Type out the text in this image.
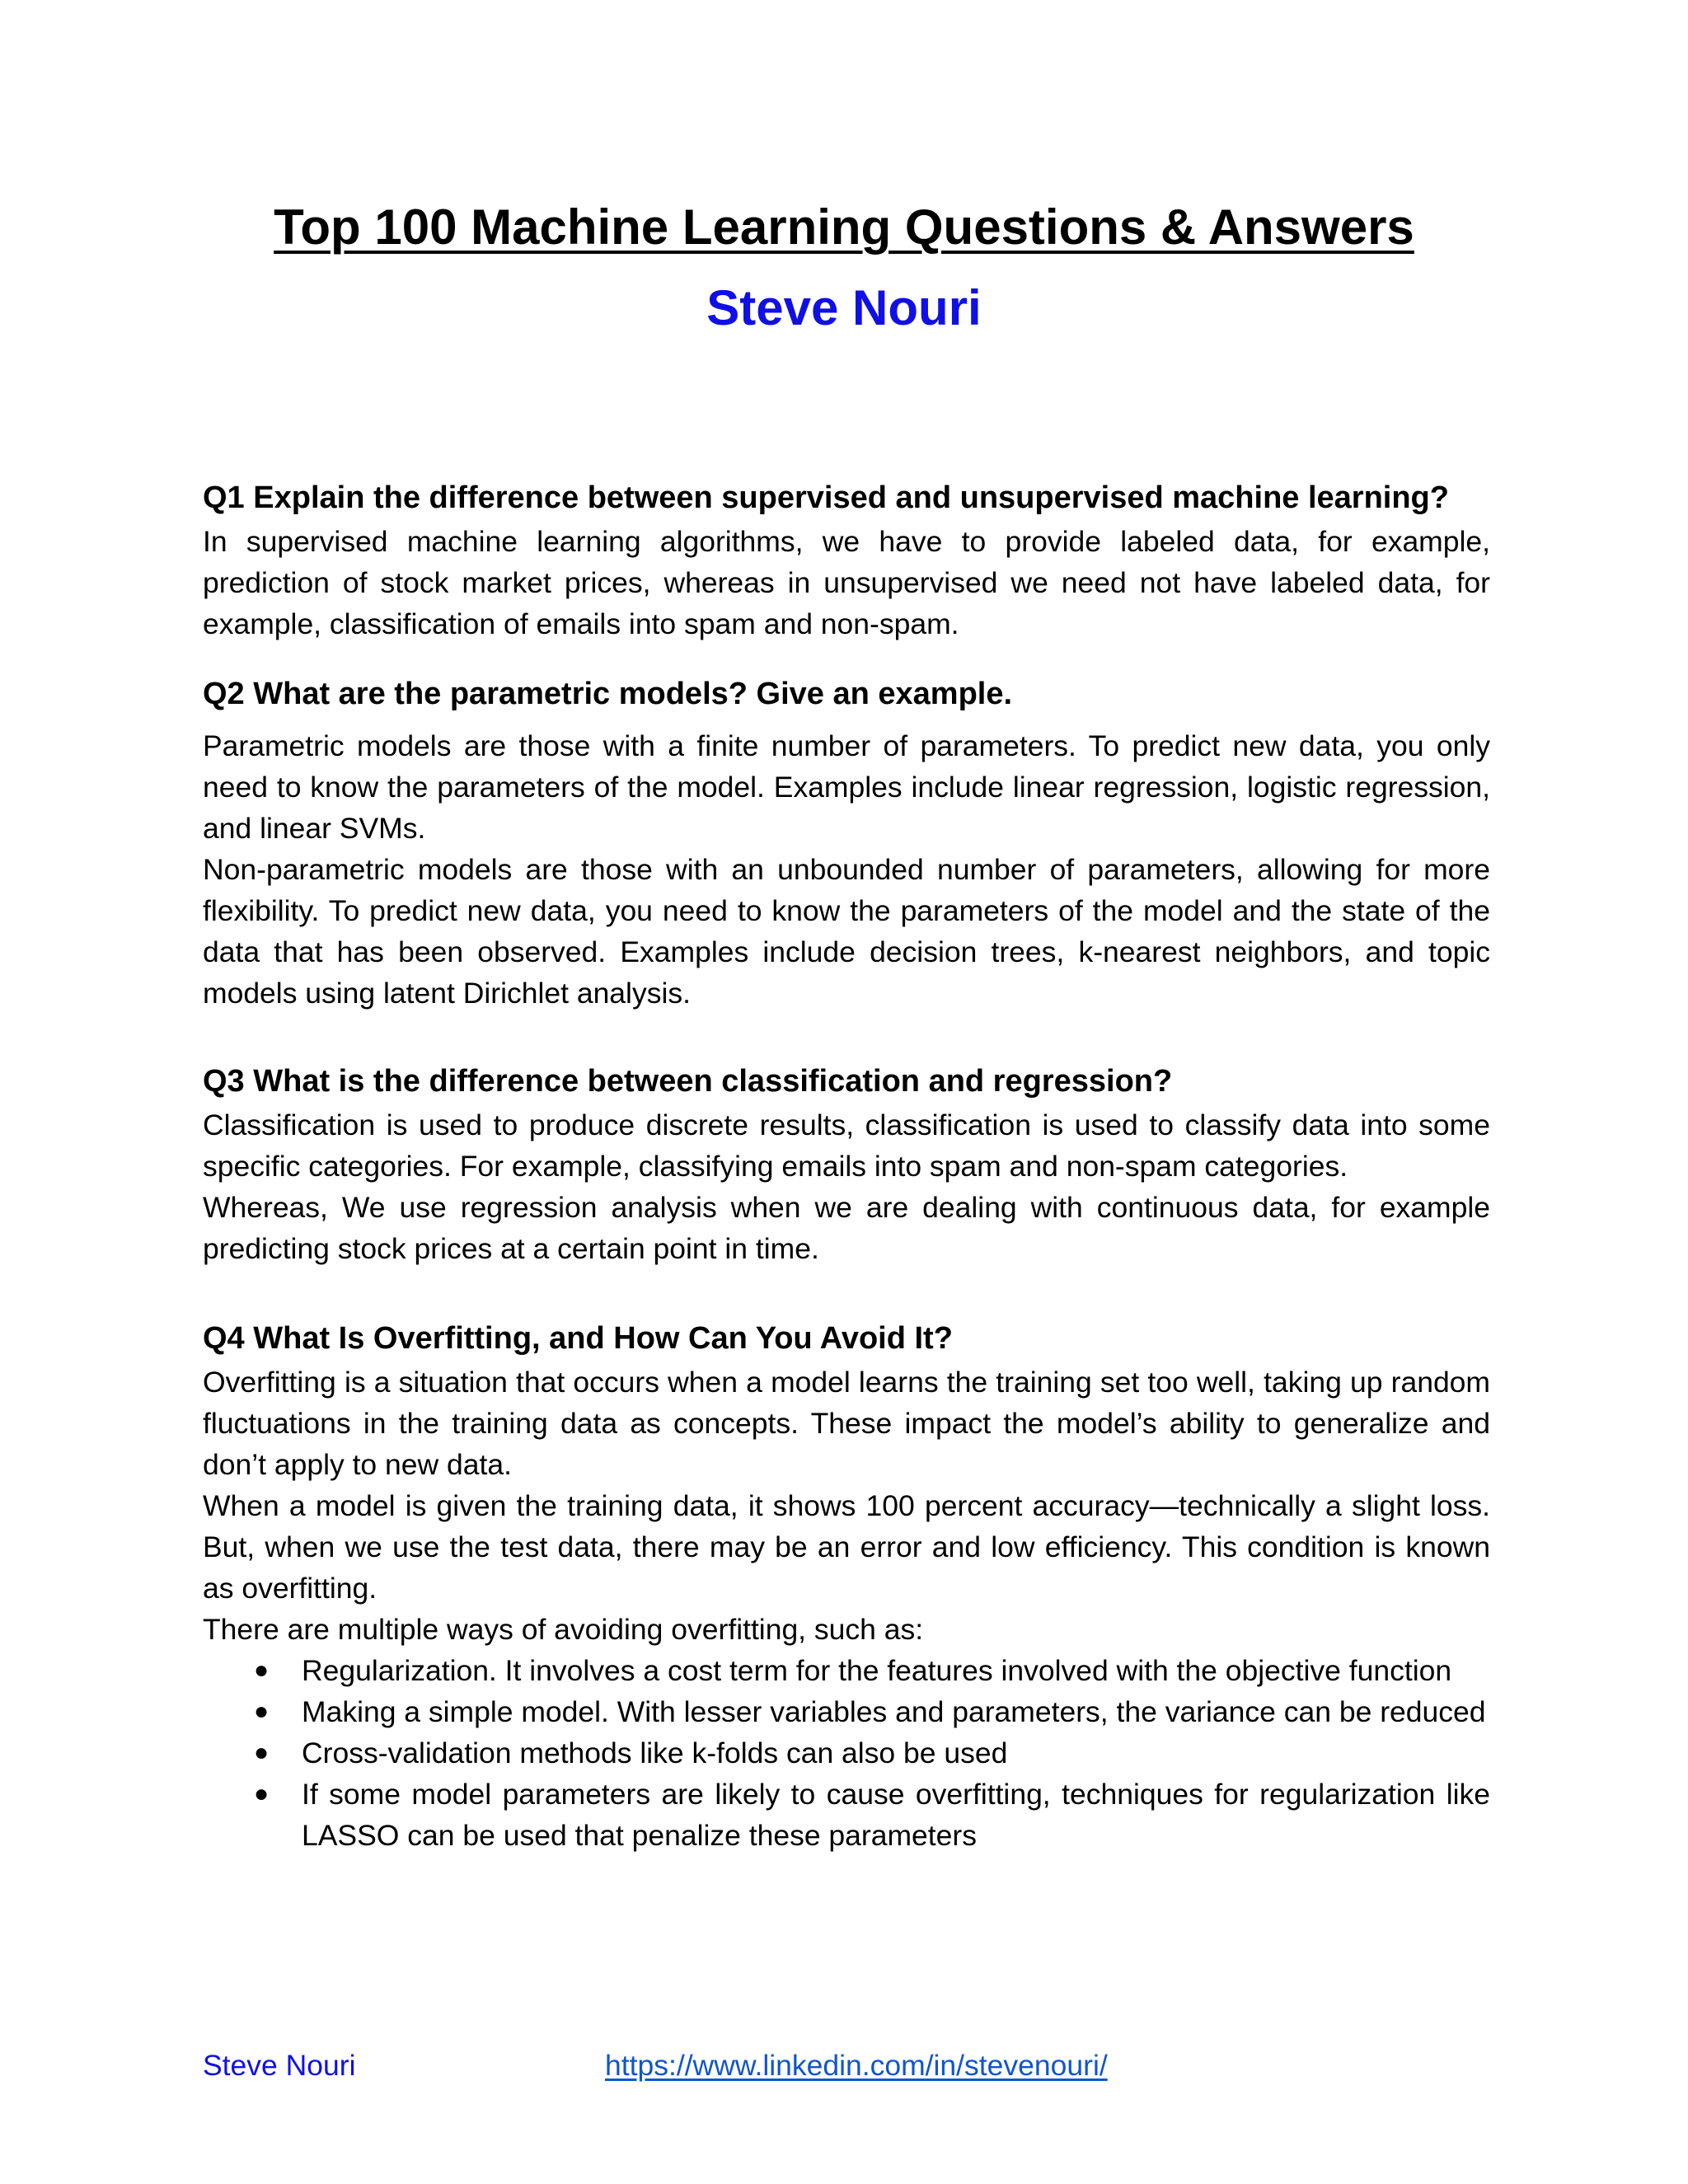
Top 100 Machine Learning Questions & Answers
Steve Nouri

Q1 Explain the difference between supervised and unsupervised machine learning?

In supervised machine learning algorithms, we have to provide labeled data, for example, prediction of stock market prices, whereas in unsupervised we need not have labeled data, for example, classification of emails into spam and non-spam.

Q2 What are the parametric models? Give an example.

Parametric models are those with a finite number of parameters. To predict new data, you only need to know the parameters of the model. Examples include linear regression, logistic regression, and linear SVMs.

Non-parametric models are those with an unbounded number of parameters, allowing for more flexibility. To predict new data, you need to know the parameters of the model and the state of the data that has been observed. Examples include decision trees, k-nearest neighbors, and topic models using latent Dirichlet analysis.

Q3 What is the difference between classification and regression?

Classification is used to produce discrete results, classification is used to classify data into some specific categories. For example, classifying emails into spam and non-spam categories.

Whereas, We use regression analysis when we are dealing with continuous data, for example predicting stock prices at a certain point in time.

Q4 What Is Overfitting, and How Can You Avoid It?

Overfitting is a situation that occurs when a model learns the training set too well, taking up random fluctuations in the training data as concepts. These impact the model’s ability to generalize and don’t apply to new data.

When a model is given the training data, it shows 100 percent accuracy—technically a slight loss. But, when we use the test data, there may be an error and low efficiency. This condition is known as overfitting.

There are multiple ways of avoiding overfitting, such as:

● Regularization. It involves a cost term for the features involved with the objective function
● Making a simple model. With lesser variables and parameters, the variance can be reduced
● Cross-validation methods like k-folds can also be used
● If some model parameters are likely to cause overfitting, techniques for regularization like LASSO can be used that penalize these parameters
Steve Nouri	https://www.linkedin.com/in/stevenouri/
